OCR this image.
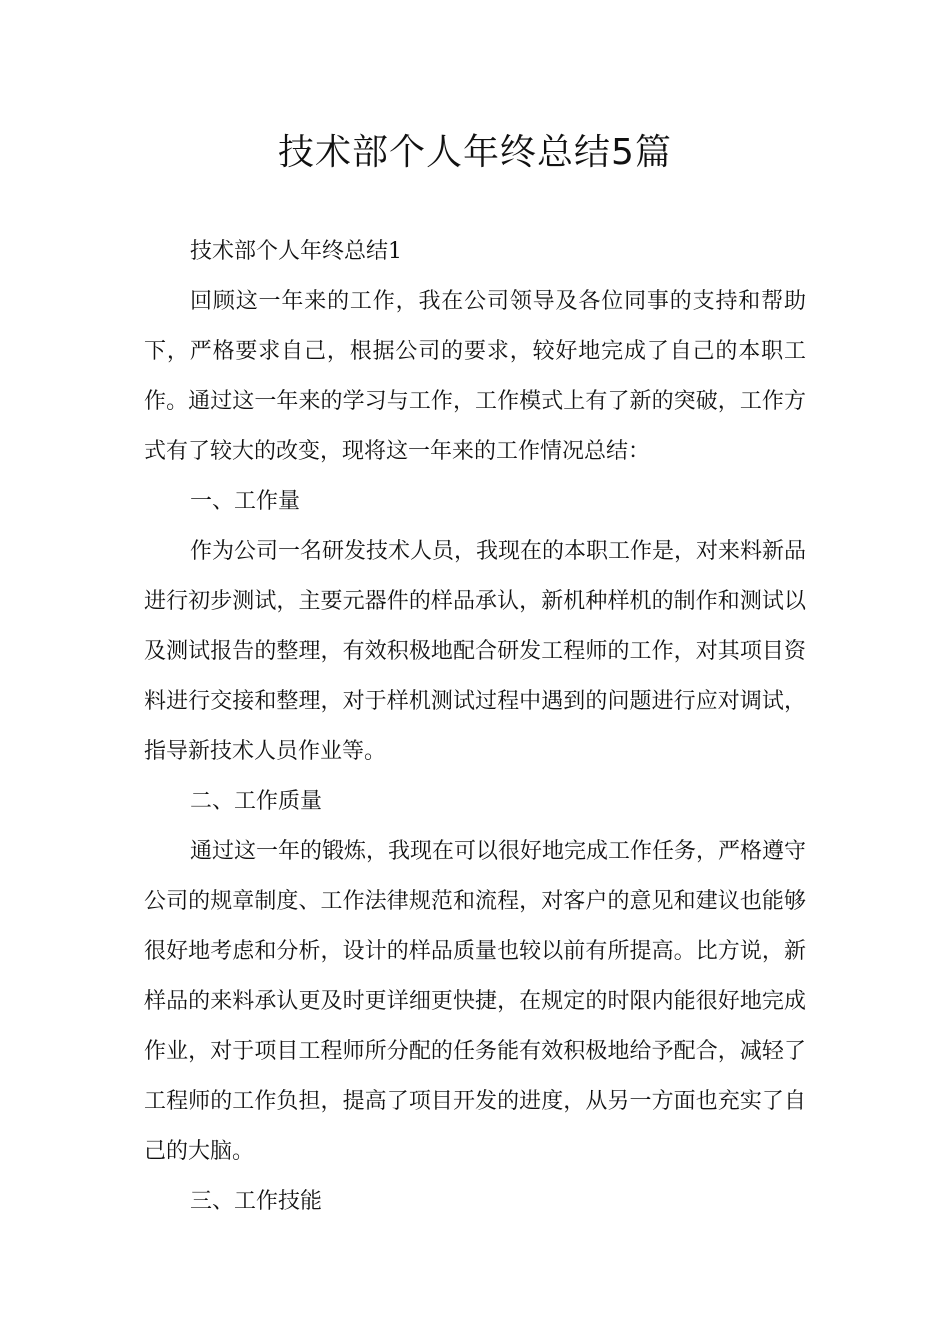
技术部个人年终总结5篇

技术部个人年终总结1

回顾这一年来的工作，我在公司领导及各位同事的支持和帮助下，严格要求自己，根据公司的要求，较好地完成了自己的本职工作。通过这一年来的学习与工作，工作模式上有了新的突破，工作方式有了较大的改变，现将这一年来的工作情况总结：

一、工作量

作为公司一名研发技术人员，我现在的本职工作是，对来料新品进行初步测试，主要元器件的样品承认，新机种样机的制作和测试以及测试报告的整理，有效积极地配合研发工程师的工作，对其项目资料进行交接和整理，对于样机测试过程中遇到的问题进行应对调试，指导新技术人员作业等。

二、工作质量

通过这一年的锻炼，我现在可以很好地完成工作任务，严格遵守公司的规章制度、工作法律规范和流程，对客户的意见和建议也能够很好地考虑和分析，设计的样品质量也较以前有所提高。比方说，新样品的来料承认更及时更详细更快捷，在规定的时限内能很好地完成作业，对于项目工程师所分配的任务能有效积极地给予配合，减轻了工程师的工作负担，提高了项目开发的进度，从另一方面也充实了自己的大脑。

三、工作技能
